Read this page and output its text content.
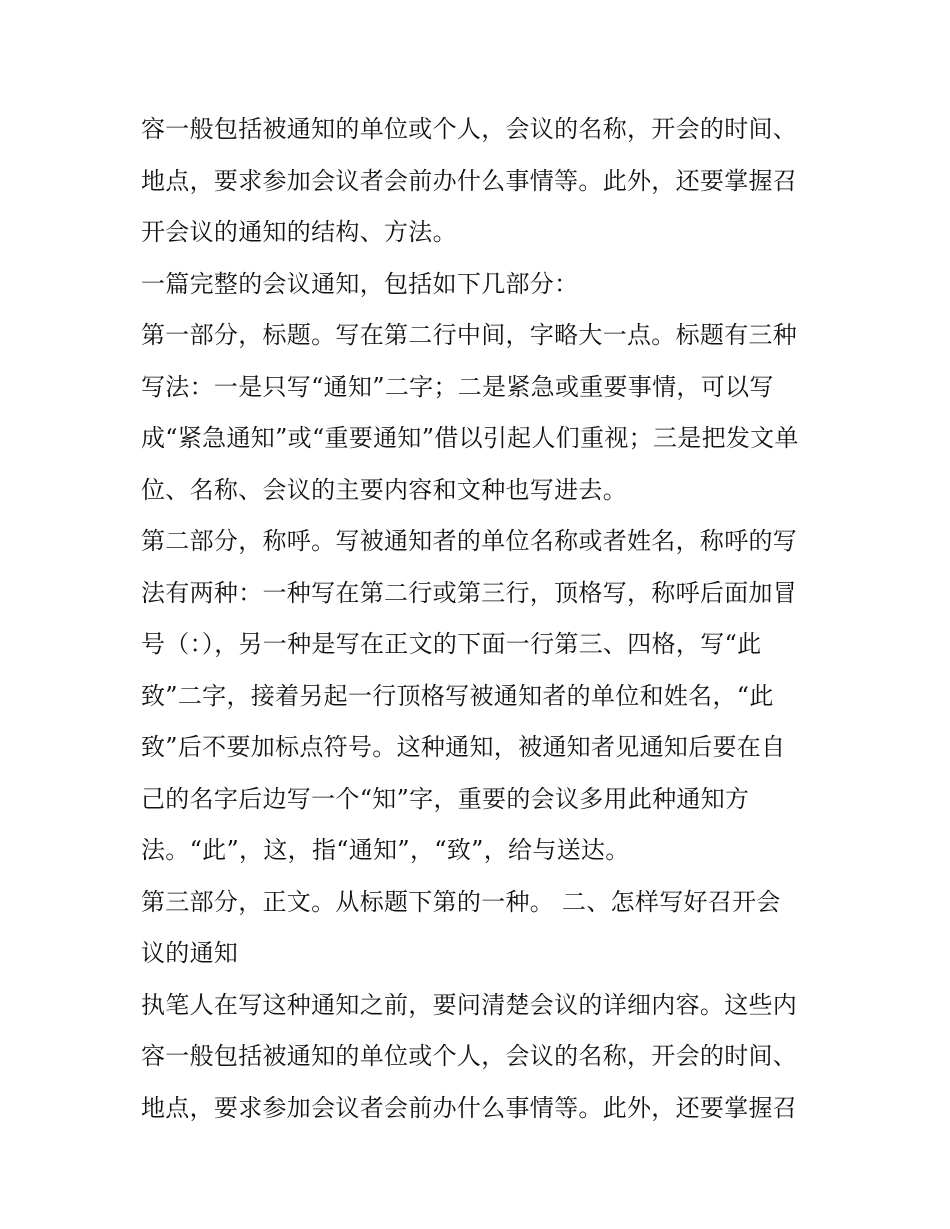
容一般包括被通知的单位或个人，会议的名称，开会的时间、
地点，要求参加会议者会前办什么事情等。此外，还要掌握召
开会议的通知的结构、方法。
一篇完整的会议通知，包括如下几部分：
第一部分，标题。写在第二行中间，字略大一点。标题有三种
写法：一是只写“通知”二字；二是紧急或重要事情，可以写
成“紧急通知”或“重要通知”借以引起人们重视；三是把发文单
位、名称、会议的主要内容和文种也写进去。
第二部分，称呼。写被通知者的单位名称或者姓名，称呼的写
法有两种：一种写在第二行或第三行，顶格写，称呼后面加冒
号（：），另一种是写在正文的下面一行第三、四格，写“此
致”二字，接着另起一行顶格写被通知者的单位和姓名，“此
致”后不要加标点符号。这种通知，被通知者见通知后要在自
己的名字后边写一个“知”字，重要的会议多用此种通知方
法。“此”，这，指“通知”，“致”，给与送达。
第三部分，正文。从标题下第的一种。 二、怎样写好召开会
议的通知
执笔人在写这种通知之前，要问清楚会议的详细内容。这些内
容一般包括被通知的单位或个人，会议的名称，开会的时间、
地点，要求参加会议者会前办什么事情等。此外，还要掌握召
